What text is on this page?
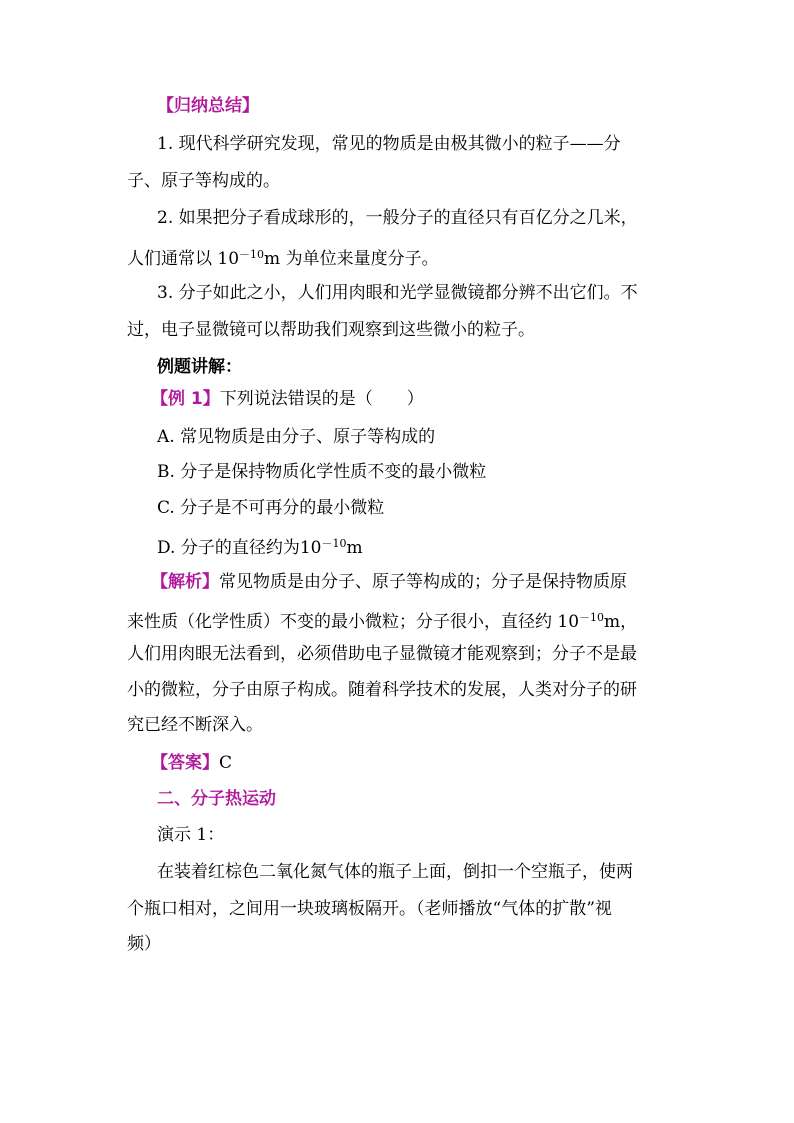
【归纳总结】
1. 现代科学研究发现，常见的物质是由极其微小的粒子——分
子、原子等构成的。
2. 如果把分子看成球形的，一般分子的直径只有百亿分之几米，
人们通常以 $10^{-10}m$ 为单位来量度分子。
3. 分子如此之小，人们用肉眼和光学显微镜都分辨不出它们。不
过，电子显微镜可以帮助我们观察到这些微小的粒子。
例题讲解：
【例 1】下列说法错误的是（　　）
A. 常见物质是由分子、原子等构成的
B. 分子是保持物质化学性质不变的最小微粒
C. 分子是不可再分的最小微粒
D. 分子的直径约为$10^{-10}m$
【解析】常见物质是由分子、原子等构成的；分子是保持物质原
来性质（化学性质）不变的最小微粒；分子很小，直径约 $10^{-10}m$，
人们用肉眼无法看到，必须借助电子显微镜才能观察到；分子不是最
小的微粒，分子由原子构成。随着科学技术的发展，人类对分子的研
究已经不断深入。
【答案】C
二、分子热运动
演示 1：
在装着红棕色二氧化氮气体的瓶子上面，倒扣一个空瓶子，使两
个瓶口相对，之间用一块玻璃板隔开。（老师播放“气体的扩散”视
频）
